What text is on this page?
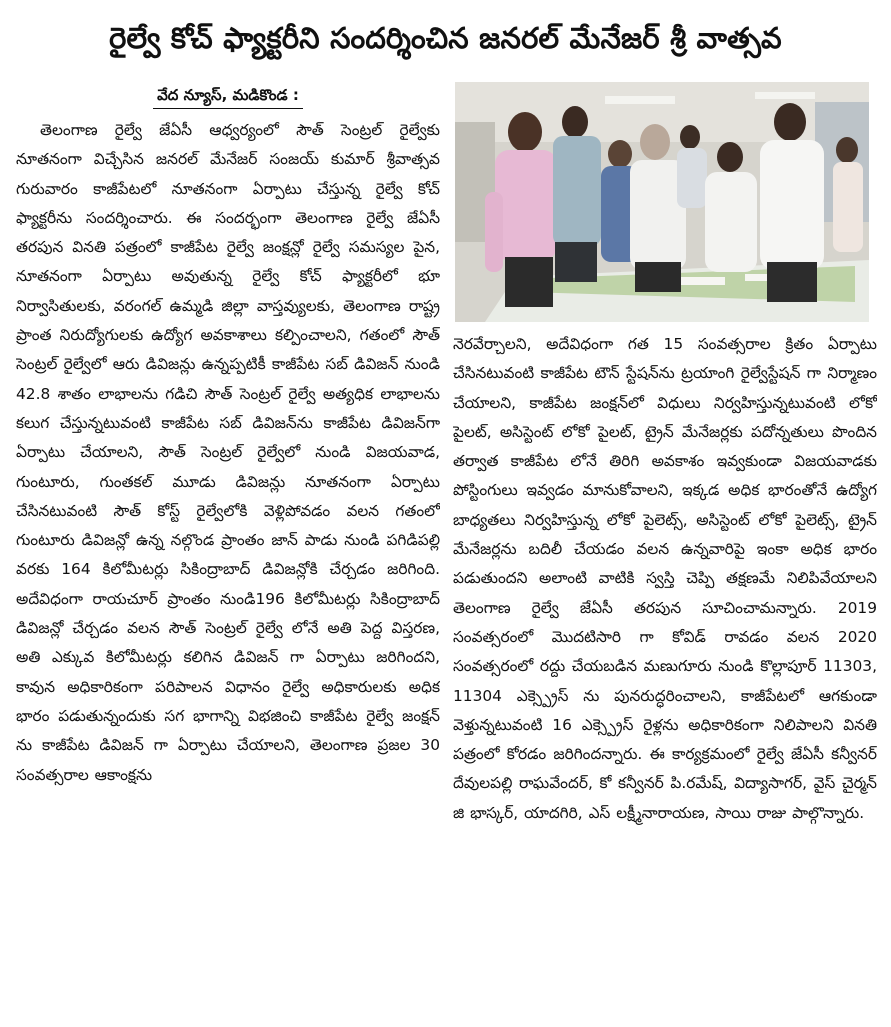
రైల్వే కోచ్ ఫ్యాక్టరీని సందర్శించిన జనరల్ మేనేజర్ శ్రీ వాత్సవ
వేద న్యూస్, మడికొండ :
తెలంగాణ రైల్వే జేఏసీ ఆధ్వర్యంలో సౌత్ సెంట్రల్ రైల్వేకు నూతనంగా విచ్చేసిన జనరల్ మేనేజర్ సంజయ్ కుమార్ శ్రీవాత్సవ గురువారం కాజీపేటలో నూతనంగా ఏర్పాటు చేస్తున్న రైల్వే కోచ్ ఫ్యాక్టరీను సందర్శించారు. ఈ సందర్భంగా తెలంగాణ రైల్వే జేఏసీ తరపున వినతి పత్రంలో కాజీపేట రైల్వే జంక్షన్లో రైల్వే సమస్యల పైన, నూతనంగా ఏర్పాటు అవుతున్న రైల్వే కోచ్ ఫ్యాక్టరీలో భూ నిర్వాసితులకు, వరంగల్ ఉమ్మడి జిల్లా వాస్తవ్యులకు, తెలంగాణ రాష్ట్ర ప్రాంత నిరుద్యోగులకు ఉద్యోగ అవకాశాలు కల్పించాలని, గతంలో సౌత్ సెంట్రల్ రైల్వేలో ఆరు డివిజన్లు ఉన్నప్పటికీ కాజీపేట సబ్ డివిజన్ నుండి 42.8 శాతం లాభాలను గడిచి సౌత్ సెంట్రల్ రైల్వే అత్యధిక లాభాలను కలుగ చేస్తున్నటువంటి కాజీపేట సబ్ డివిజన్‌ను కాజీపేట డివిజన్‌గా ఏర్పాటు చేయాలని, సౌత్ సెంట్రల్ రైల్వేలో నుండి విజయవాడ, గుంటూరు, గుంతకల్ మూడు డివిజన్లు నూతనంగా ఏర్పాటు చేసినటువంటి సౌత్ కోస్ట్ రైల్వేలోకి వెళ్లిపోవడం వలన గతంలో గుంటూరు డివిజన్లో ఉన్న నల్గొండ ప్రాంతం జాన్ పాడు నుండి పగిడిపల్లి వరకు 164 కిలోమీటర్లు సికింద్రాబాద్ డివిజన్లోకి చేర్చడం జరిగింది. అదేవిధంగా రాయచూర్ ప్రాంతం నుండి196 కిలోమీటర్లు సికింద్రాబాద్ డివిజన్లో చేర్చడం వలన సౌత్ సెంట్రల్ రైల్వే లోనే అతి పెద్ద విస్తరణ, అతి ఎక్కువ కిలోమీటర్లు కలిగిన డివిజన్ గా ఏర్పాటు జరిగిందని, కావున అధికారికంగా పరిపాలన విధానం రైల్వే అధికారులకు అధిక భారం పడుతున్నందుకు సగ భాగాన్ని విభజించి కాజీపేట రైల్వే జంక్షన్ ను కాజీపేట డివిజన్ గా ఏర్పాటు చేయాలని, తెలంగాణ ప్రజల 30 సంవత్సరాల ఆకాంక్షను
నెరవేర్చాలని, అదేవిధంగా గత 15 సంవత్సరాల క్రితం ఏర్పాటు చేసినటువంటి కాజీపేట టౌన్ స్టేషన్‌ను ట్రయాంగి రైల్వేస్టేషన్ గా నిర్మాణం చేయాలని, కాజీపేట జంక్షన్‌లో విధులు నిర్వహిస్తున్నటువంటి లోకో పైలట్, అసిస్టెంట్ లోకో పైలట్, ట్రైన్ మేనేజర్లకు పదోన్నతులు పొందిన తర్వాత కాజీపేట లోనే తిరిగి అవకాశం ఇవ్వకుండా విజయవాడకు పోస్టింగులు ఇవ్వడం మానుకోవాలని, ఇక్కడ అధిక భారంతోనే ఉద్యోగ బాధ్యతలు నిర్వహిస్తున్న లోకో పైలెట్స్, అసిస్టెంట్ లోకో పైలెట్స్, ట్రైన్ మేనేజర్లను బదిలీ చేయడం వలన ఉన్నవారిపై ఇంకా అధిక భారం పడుతుందని అలాంటి వాటికి స్వస్తి చెప్పి తక్షణమే నిలిపివేయాలని తెలంగాణ రైల్వే జేఏసీ తరపున సూచించామన్నారు. 2019 సంవత్సరంలో మొదటిసారి గా కోవిడ్ రావడం వలన 2020 సంవత్సరంలో రద్దు చేయబడిన మణుగూరు నుండి కొల్లాపూర్ 11303, 11304 ఎక్స్ప్రెస్ ను పునరుద్ధరించాలని, కాజీపేటలో ఆగకుండా వెళ్తున్నటువంటి 16 ఎక్స్ప్రెస్ రైళ్లను అధికారికంగా నిలిపాలని వినతి పత్రంలో కోరడం జరిగిందన్నారు. ఈ కార్యక్రమంలో రైల్వే జేఏసీ కన్వీనర్ దేవులపల్లి రాఘవేందర్, కో కన్వీనర్ పి.రమేష్, విద్యాసాగర్, వైస్ చైర్మన్ జి భాస్కర్, యాదగిరి, ఎస్ లక్ష్మీనారాయణ, సాయి రాజు పాల్గొన్నారు.
